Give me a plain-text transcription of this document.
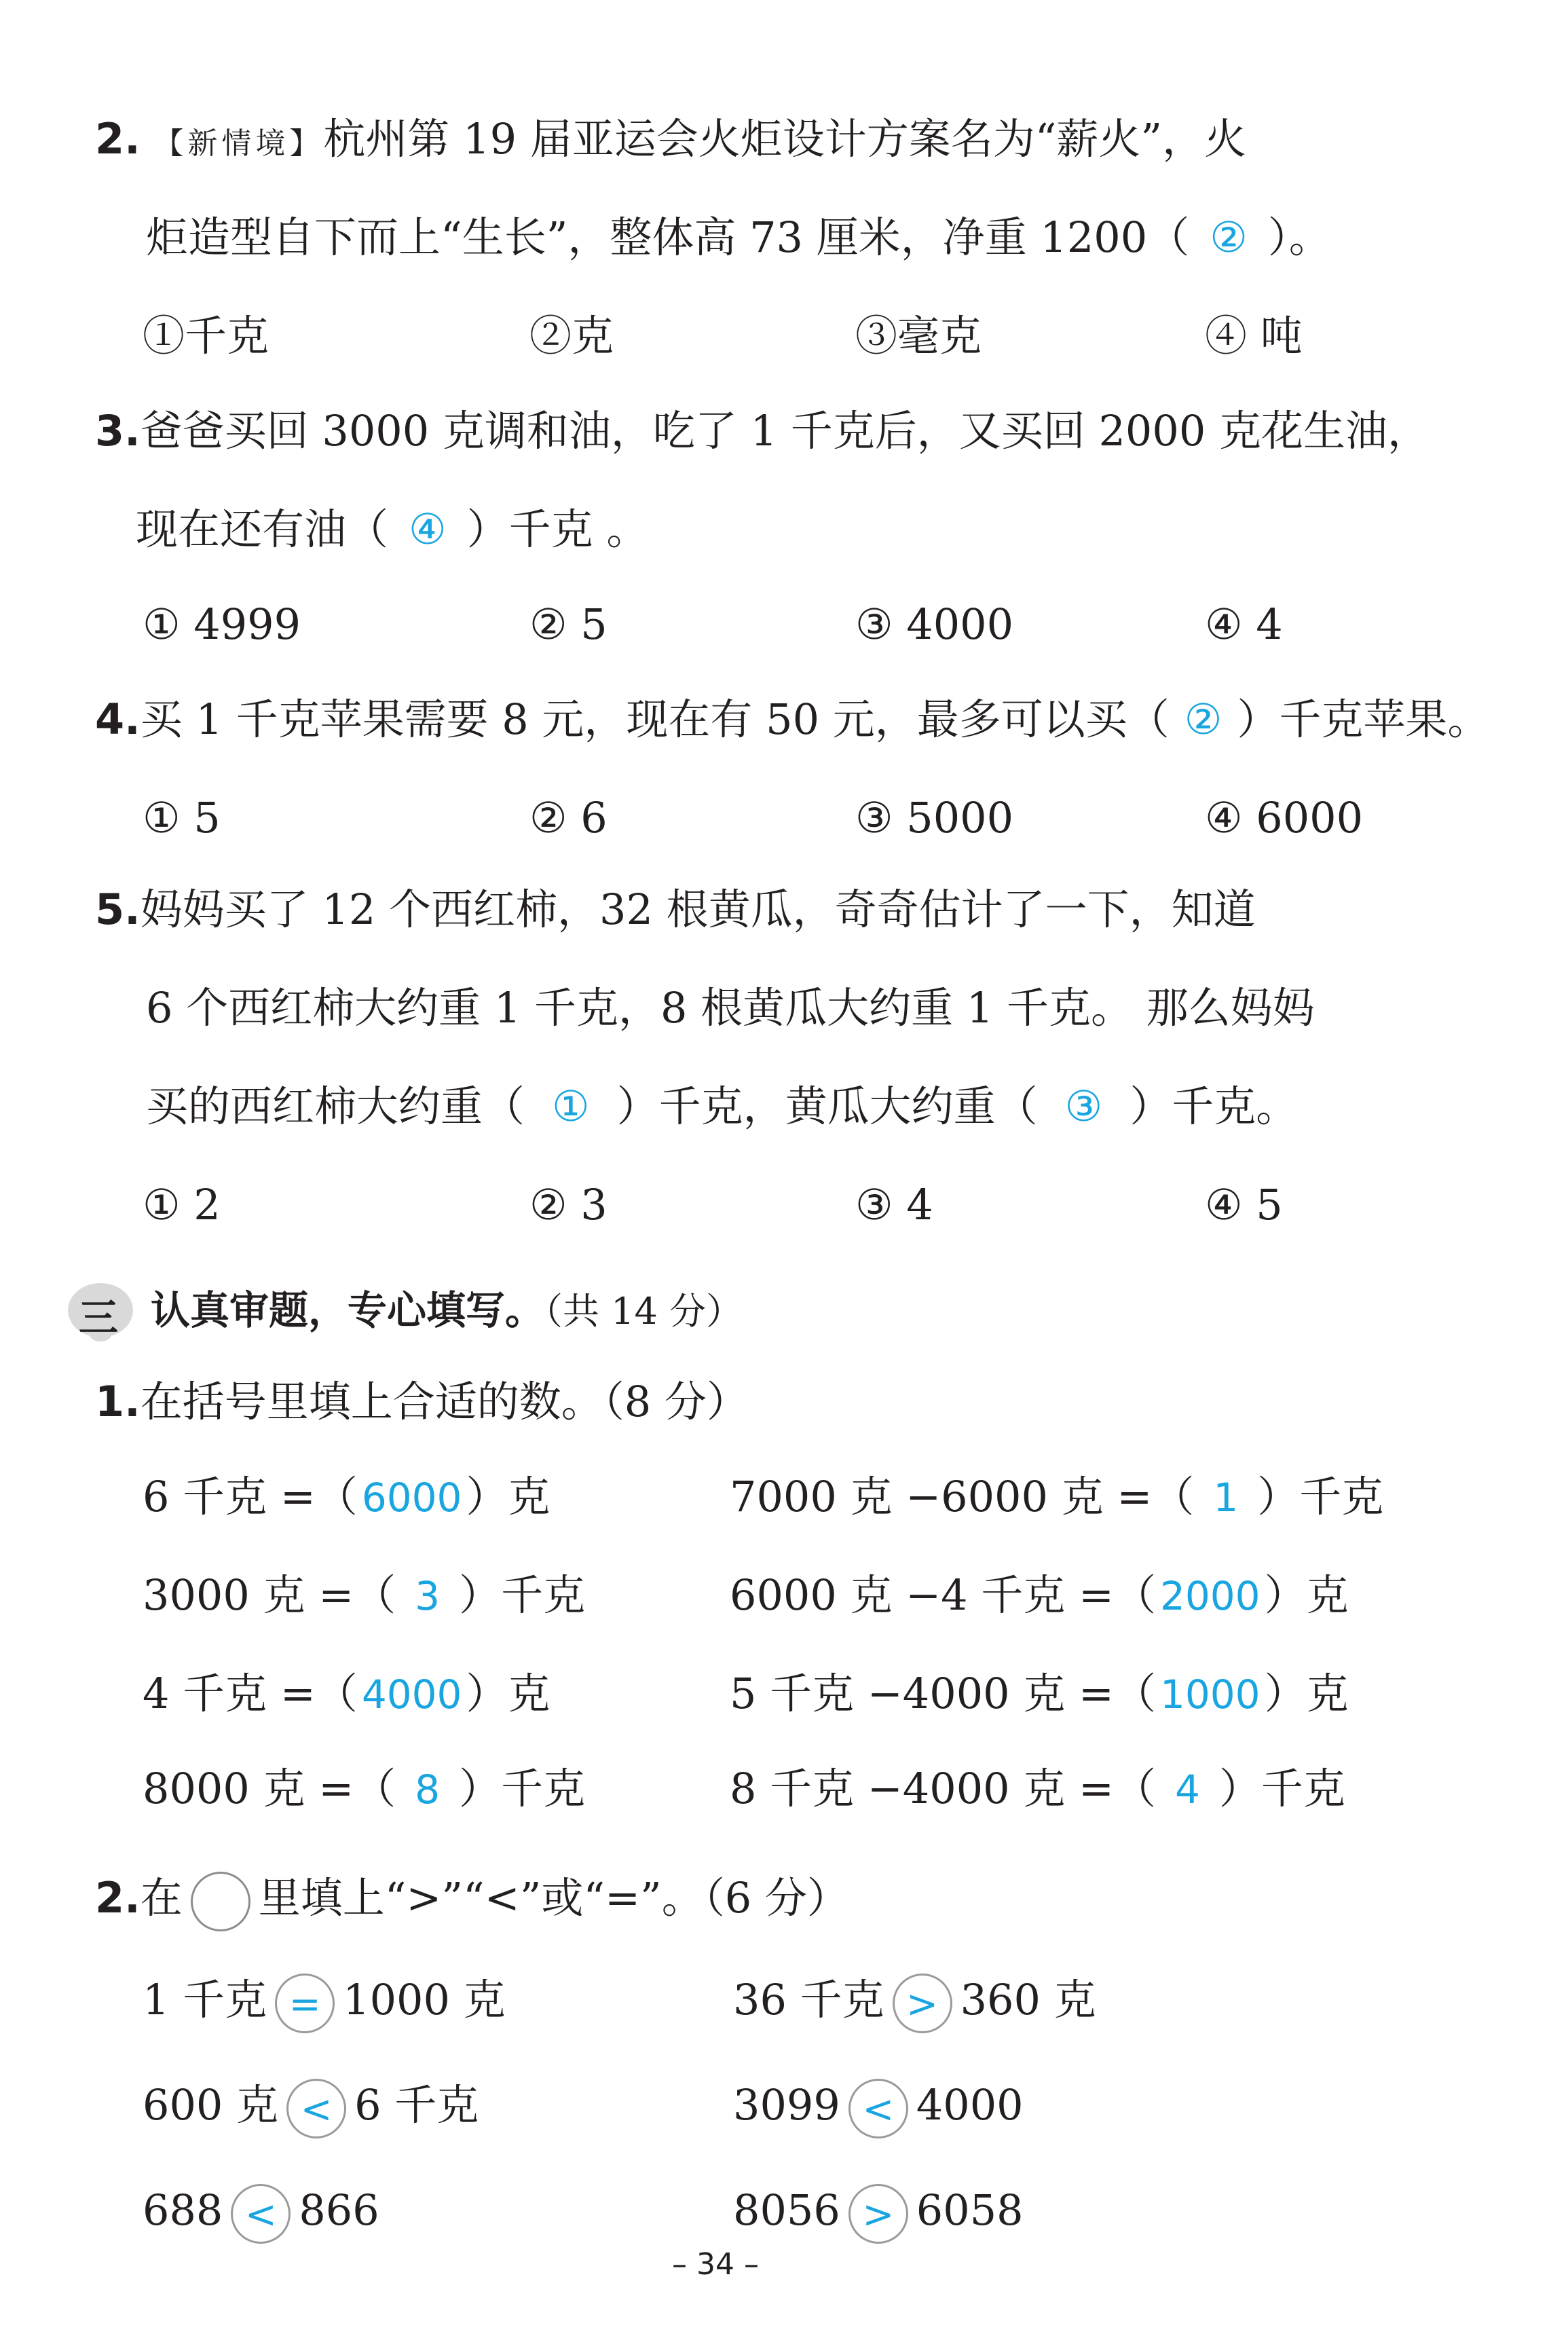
2. 【新情境】杭州第 19 届亚运会火炬设计方案名为“薪火”，火
炬造型自下而上“生长”，整体高 73 厘米，净重 1200（ ② ）。
①千克	②克	③毫克	④ 吨
3.爸爸买回 3000 克调和油，吃了 1 千克后，又买回 2000 克花生油，
现在还有油（ ④ ）千克 。
① 4999	② 5	③ 4000	④ 4
4.买 1 千克苹果需要 8 元，现在有 50 元，最多可以买（ ② ）千克苹果。
① 5	② 6	③ 5000	④ 6000
5.妈妈买了 12 个西红柿，32 根黄瓜，奇奇估计了一下，知道
6 个西红柿大约重 1 千克，8 根黄瓜大约重 1 千克。 那么妈妈
买的西红柿大约重（ ① ）千克，黄瓜大约重（ ③ ）千克。
① 2	② 3	③ 4	④ 5
三 认真审题，专心填写。（共 14 分）
1.在括号里填上合适的数。（8 分）
6 千克 =（ 6000）克	7000 克 −6000 克 =（ 1 ）千克
3000 克 =（ 3 ）千克	6000 克 −4 千克 =（ 2000）克
4 千克 =（ 4000）克	5 千克 −4000 克 =（ 1000）克
8000 克 =（ 8 ）千克	8 千克 −4000 克 =（ 4 ）千克
2.在 里填上“>”“<”或“=”。（6 分）
1 千克 = 1000 克	36 千克 > 360 克
600 克 < 6 千克	3099 < 4000
688 < 866	8056 > 6058
– 34 –
